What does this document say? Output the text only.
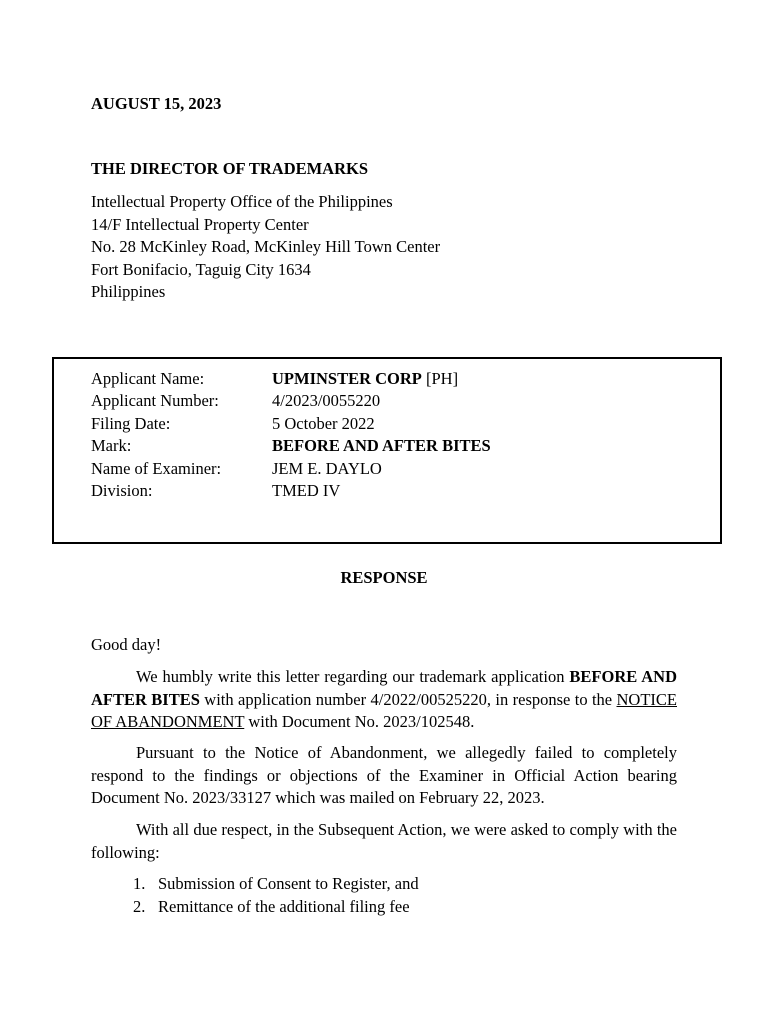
AUGUST 15, 2023
THE DIRECTOR OF TRADEMARKS
Intellectual Property Office of the Philippines
14/F Intellectual Property Center
No. 28 McKinley Road, McKinley Hill Town Center
Fort Bonifacio, Taguig City 1634
Philippines
Applicant Name:	UPMINSTER CORP [PH]
Applicant Number:	4/2023/0055220
Filing Date:	5 October 2022
Mark:	BEFORE AND AFTER BITES
Name of Examiner:	JEM E. DAYLO
Division:	TMED IV
RESPONSE
Good day!
We humbly write this letter regarding our trademark application BEFORE AND AFTER BITES with application number 4/2022/00525220, in response to the NOTICE OF ABANDONMENT with Document No. 2023/102548.
Pursuant to the Notice of Abandonment, we allegedly failed to completely respond to the findings or objections of the Examiner in Official Action bearing Document No. 2023/33127 which was mailed on February 22, 2023.
With all due respect, in the Subsequent Action, we were asked to comply with the following:
1. Submission of Consent to Register, and
2. Remittance of the additional filing fee
